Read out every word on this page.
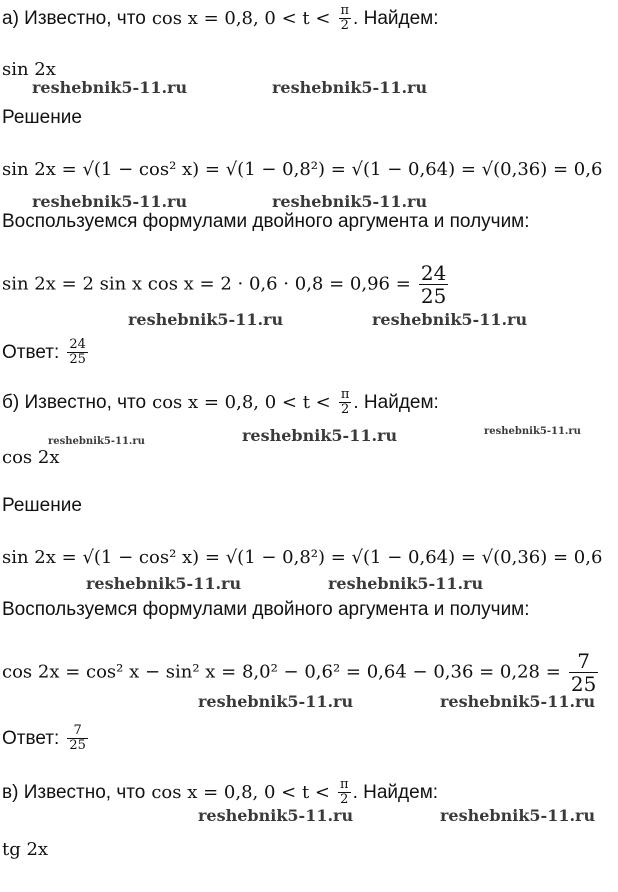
а) Известно, что cos x = 0,8, $0 < t < \frac{\pi}{2}$ . Найдем:
sin 2x
Решение
sin 2x = √(1 − cos² x) = √(1 − 0,8²) = √(1 − 0,64) = √(0,36) = 0,6
Воспользуемся формулами двойного аргумента и получим:
sin 2x = 2 sin x $\cos x = 2 \cdot 0,6 \cdot 0,8 = 0,96 = \frac{24}{25}$
Ответ: $\frac{24}{25}$
б) Известно, что cos x = 0,8, $0 < t < \frac{\pi}{2}$ . Найдем:
cos 2x
Решение
sin 2x = √(1 − cos² x) = √(1 − 0,8²) = √(1 − 0,64) = √(0,36) = 0,6
Воспользуемся формулами двойного аргумента и получим:
cos 2x = cos² x − sin² $x = 8,0^2 - 0,6^2 = 0,64 - 0,36 = 0,28 = \frac{7}{25}$
Ответ: $\frac{7}{25}$
в) Известно, что cos x = 0,8, $0 < t < \frac{\pi}{2}$ . Найдем:
tg 2x
reshebnik5-11.ru	reshebnik5-11.ru
reshebnik5-11.ru	reshebnik5-11.ru
reshebnik5-11.ru	reshebnik5-11.ru
reshebnik5-11.ru	reshebnik5-11.ru	reshebnik5-11.ru
reshebnik5-11.ru	reshebnik5-11.ru
reshebnik5-11.ru	reshebnik5-11.ru
reshebnik5-11.ru	reshebnik5-11.ru
